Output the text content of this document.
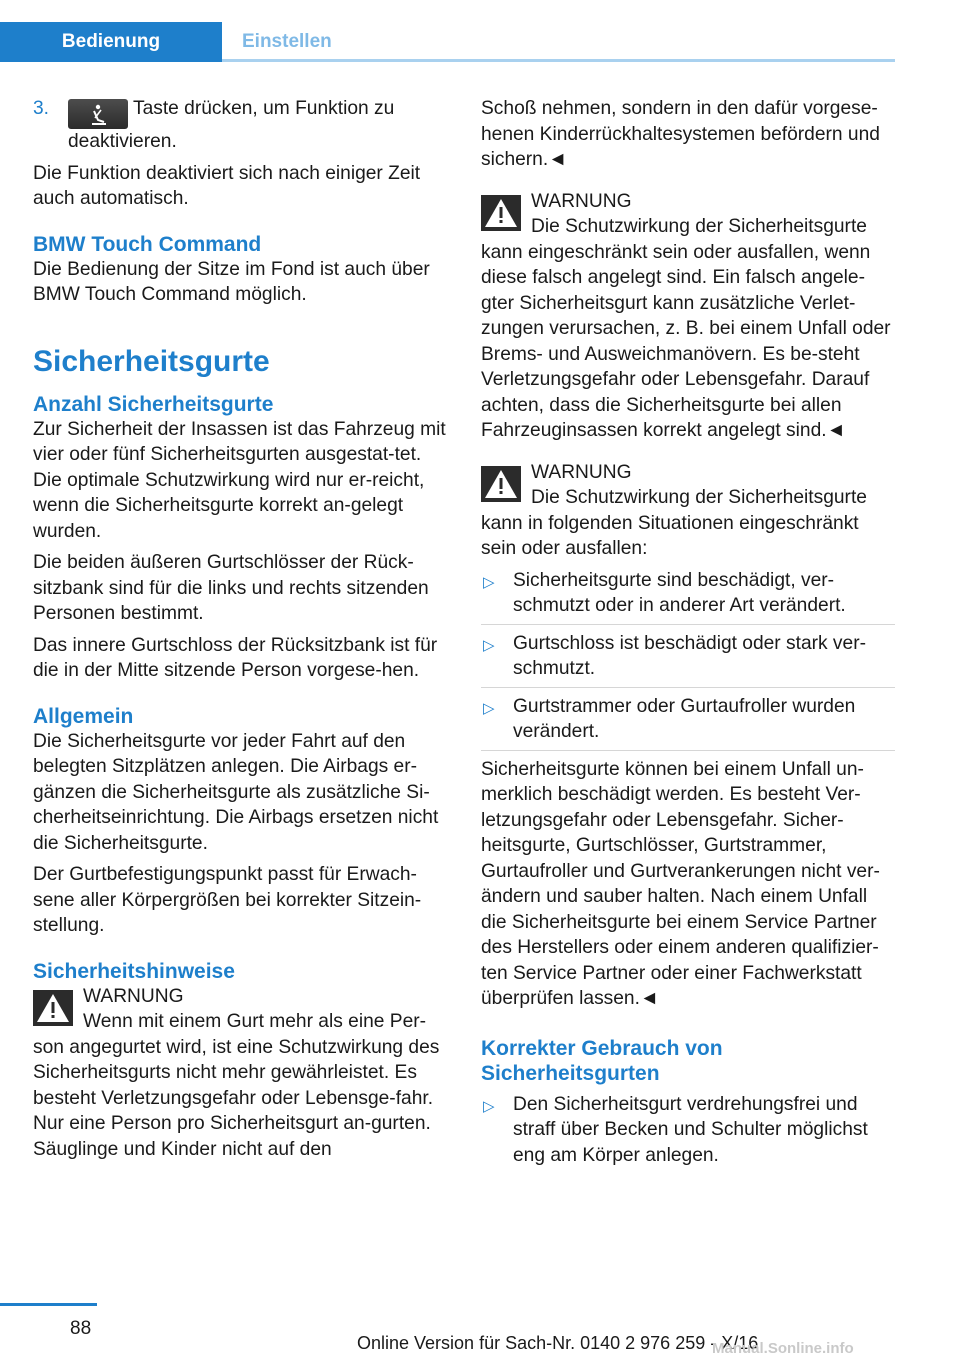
Bedienung	Einstellen
3.	Taste drücken, um Funktion zu deaktivieren.

Die Funktion deaktiviert sich nach einiger Zeit auch automatisch.

BMW Touch Command

Die Bedienung der Sitze im Fond ist auch über BMW Touch Command möglich.

Sicherheitsgurte
Anzahl Sicherheitsgurte

Zur Sicherheit der Insassen ist das Fahrzeug mit vier oder fünf Sicherheitsgurten ausgestat‐tet. Die optimale Schutzwirkung wird nur er‐reicht, wenn die Sicherheitsgurte korrekt an‐gelegt wurden.

Die beiden äußeren Gurtschlösser der Rück‐sitzbank sind für die links und rechts sitzenden Personen bestimmt.

Das innere Gurtschloss der Rücksitzbank ist für die in der Mitte sitzende Person vorgese‐hen.

Allgemein

Die Sicherheitsgurte vor jeder Fahrt auf den belegten Sitzplätzen anlegen. Die Airbags er‐gänzen die Sicherheitsgurte als zusätzliche Si‐cherheitseinrichtung. Die Airbags ersetzen nicht die Sicherheitsgurte.

Der Gurtbefestigungspunkt passt für Erwach‐sene aller Körpergrößen bei korrekter Sitzein‐stellung.

Sicherheitshinweise
WARNUNG
Wenn mit einem Gurt mehr als eine Per‐son angegurtet wird, ist eine Schutzwirkung des Sicherheitsgurts nicht mehr gewährleistet. Es besteht Verletzungsgefahr oder Lebensge‐fahr. Nur eine Person pro Sicherheitsgurt an‐gurten. Säuglinge und Kinder nicht auf den

Schoß nehmen, sondern in den dafür vorgese‐henen Kinderrückhaltesystemen befördern und sichern.◄

WARNUNG
Die Schutzwirkung der Sicherheitsgurte kann eingeschränkt sein oder ausfallen, wenn diese falsch angelegt sind. Ein falsch angele‐gter Sicherheitsgurt kann zusätzliche Verlet‐zungen verursachen, z. B. bei einem Unfall oder Brems- und Ausweichmanövern. Es be‐steht Verletzungsgefahr oder Lebensgefahr. Darauf achten, dass die Sicherheitsgurte bei allen Fahrzeuginsassen korrekt angelegt sind.◄
WARNUNG
Die Schutzwirkung der Sicherheitsgurte kann in folgenden Situationen eingeschränkt sein oder ausfallen:
▷ Sicherheitsgurte sind beschädigt, ver‐schmutzt oder in anderer Art verändert.
▷ Gurtschloss ist beschädigt oder stark ver‐schmutzt.
▷ Gurtstrammer oder Gurtaufroller wurden verändert.

Sicherheitsgurte können bei einem Unfall un‐merklich beschädigt werden. Es besteht Ver‐letzungsgefahr oder Lebensgefahr. Sicher‐heitsgurte, Gurtschlösser, Gurtstrammer, Gurtaufroller und Gurtverankerungen nicht ver‐ändern und sauber halten. Nach einem Unfall die Sicherheitsgurte bei einem Service Partner des Herstellers oder einem anderen qualifizier‐ten Service Partner oder einer Fachwerkstatt überprüfen lassen.◄

Korrekter Gebrauch von Sicherheitsgurten
▷ Den Sicherheitsgurt verdrehungsfrei und straff über Becken und Schulter möglichst eng am Körper anlegen.
88
Online Version für Sach-Nr. 0140 2 976 259 - X/16
Manual.Sonline.info
